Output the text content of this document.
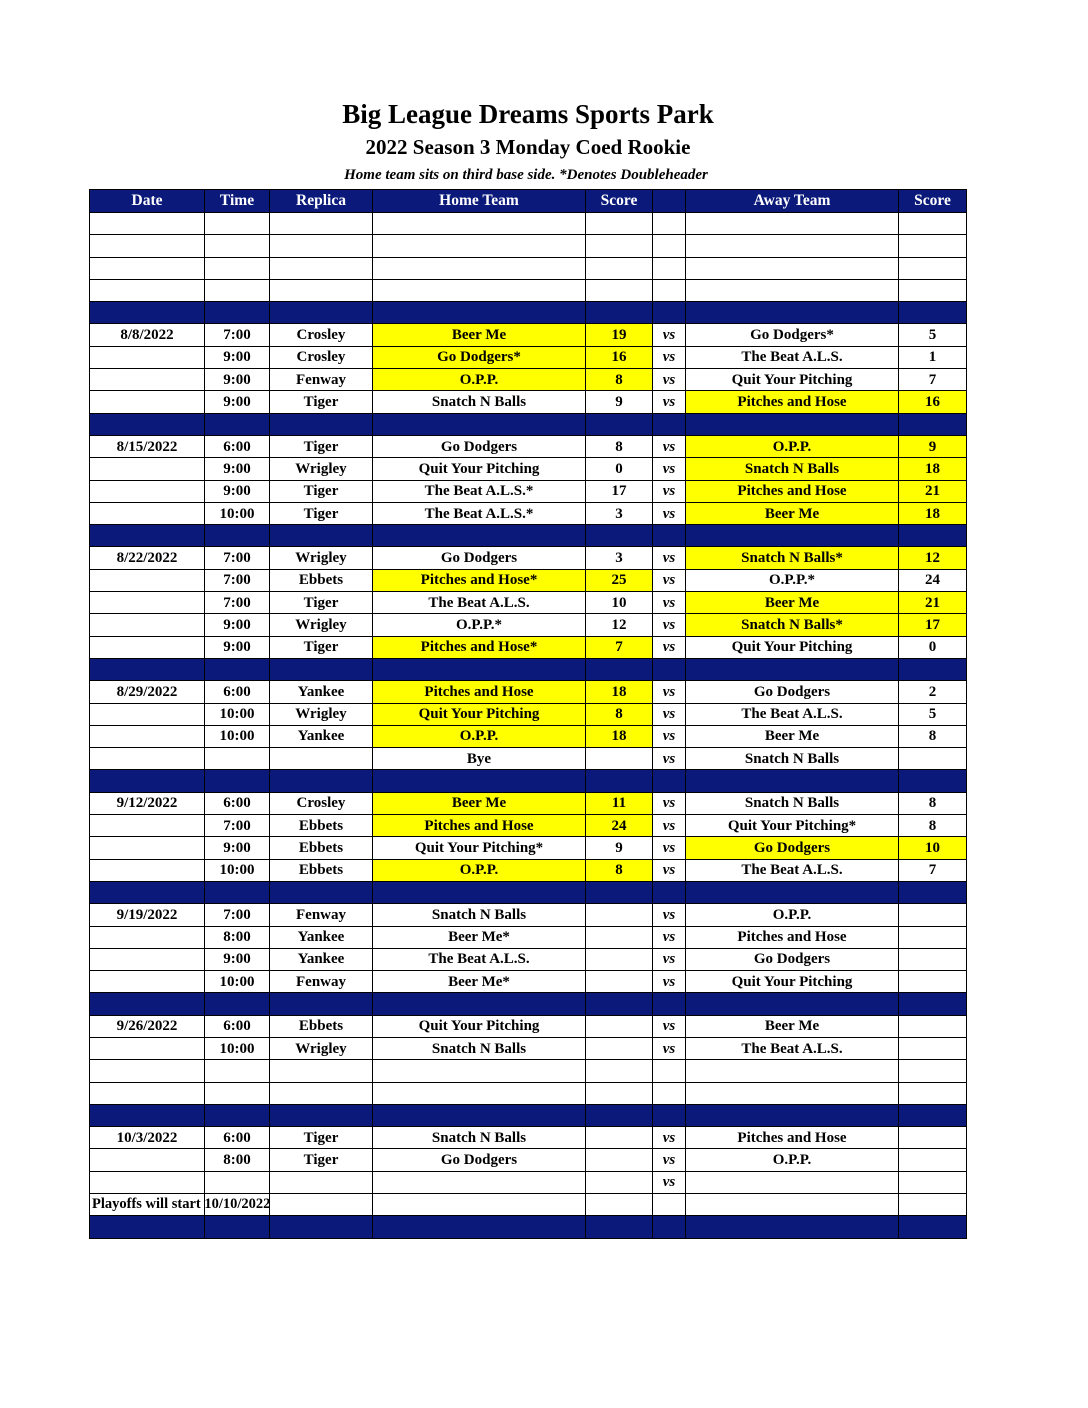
Big League Dreams Sports Park
2022 Season 3 Monday Coed Rookie
Home team sits on third base side. *Denotes Doubleheader
Date	Time	Replica	Home Team	Score		Away Team	Score

8/8/2022	7:00	Crosley	Beer Me	19	vs	Go Dodgers*	5
	9:00	Crosley	Go Dodgers*	16	vs	The Beat A.L.S.	1
	9:00	Fenway	O.P.P.	8	vs	Quit Your Pitching	7
	9:00	Tiger	Snatch N Balls	9	vs	Pitches and Hose	16

8/15/2022	6:00	Tiger	Go Dodgers	8	vs	O.P.P.	9
	9:00	Wrigley	Quit Your Pitching	0	vs	Snatch N Balls	18
	9:00	Tiger	The Beat A.L.S.*	17	vs	Pitches and Hose	21
	10:00	Tiger	The Beat A.L.S.*	3	vs	Beer Me	18

8/22/2022	7:00	Wrigley	Go Dodgers	3	vs	Snatch N Balls*	12
	7:00	Ebbets	Pitches and Hose*	25	vs	O.P.P.*	24
	7:00	Tiger	The Beat A.L.S.	10	vs	Beer Me	21
	9:00	Wrigley	O.P.P.*	12	vs	Snatch N Balls*	17
	9:00	Tiger	Pitches and Hose*	7	vs	Quit Your Pitching	0

8/29/2022	6:00	Yankee	Pitches and Hose	18	vs	Go Dodgers	2
	10:00	Wrigley	Quit Your Pitching	8	vs	The Beat A.L.S.	5
	10:00	Yankee	O.P.P.	18	vs	Beer Me	8
			Bye		vs	Snatch N Balls	

9/12/2022	6:00	Crosley	Beer Me	11	vs	Snatch N Balls	8
	7:00	Ebbets	Pitches and Hose	24	vs	Quit Your Pitching*	8
	9:00	Ebbets	Quit Your Pitching*	9	vs	Go Dodgers	10
	10:00	Ebbets	O.P.P.	8	vs	The Beat A.L.S.	7

9/19/2022	7:00	Fenway	Snatch N Balls		vs	O.P.P.	
	8:00	Yankee	Beer Me*		vs	Pitches and Hose	
	9:00	Yankee	The Beat A.L.S.		vs	Go Dodgers	
	10:00	Fenway	Beer Me*		vs	Quit Your Pitching	

9/26/2022	6:00	Ebbets	Quit Your Pitching		vs	Beer Me	
	10:00	Wrigley	Snatch N Balls		vs	The Beat A.L.S.	

10/3/2022	6:00	Tiger	Snatch N Balls		vs	Pitches and Hose	
	8:00	Tiger	Go Dodgers		vs	O.P.P.	
					vs		

Playoffs will start 10/10/2022
